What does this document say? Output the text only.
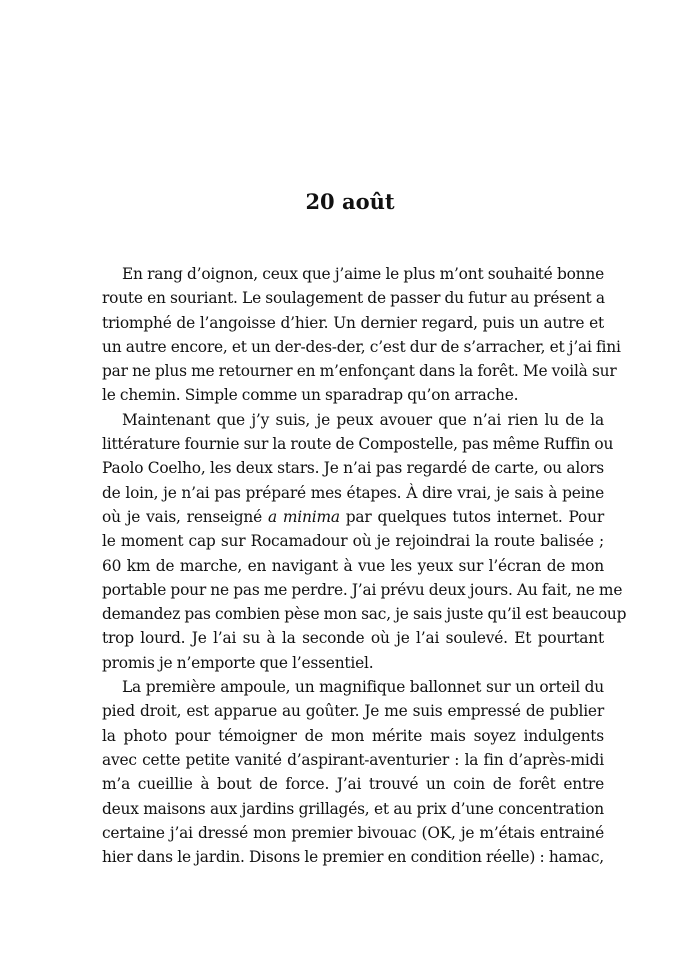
20 août
En rang d’oignon, ceux que j’aime le plus m’ont souhaité bonne
route en souriant. Le soulagement de passer du futur au présent a
triomphé de l’angoisse d’hier. Un dernier regard, puis un autre et
un autre encore, et un der-des-der, c’est dur de s’arracher, et j’ai fini
par ne plus me retourner en m’enfonçant dans la forêt. Me voilà sur
le chemin. Simple comme un sparadrap qu’on arrache.
Maintenant que j’y suis, je peux avouer que n’ai rien lu de la
littérature fournie sur la route de Compostelle, pas même Ruffin ou
Paolo Coelho, les deux stars. Je n’ai pas regardé de carte, ou alors
de loin, je n’ai pas préparé mes étapes. À dire vrai, je sais à peine
où je vais, renseigné a minima par quelques tutos internet. Pour
le moment cap sur Rocamadour où je rejoindrai la route balisée ;
60 km de marche, en navigant à vue les yeux sur l’écran de mon
portable pour ne pas me perdre. J’ai prévu deux jours. Au fait, ne me
demandez pas combien pèse mon sac, je sais juste qu’il est beaucoup
trop lourd. Je l’ai su à la seconde où je l’ai soulevé. Et pourtant
promis je n’emporte que l’essentiel.
La première ampoule, un magnifique ballonnet sur un orteil du
pied droit, est apparue au goûter. Je me suis empressé de publier
la photo pour témoigner de mon mérite mais soyez indulgents
avec cette petite vanité d’aspirant-aventurier : la fin d’après-midi
m’a cueillie à bout de force. J’ai trouvé un coin de forêt entre
deux maisons aux jardins grillagés, et au prix d’une concentration
certaine j’ai dressé mon premier bivouac (OK, je m’étais entrainé
hier dans le jardin. Disons le premier en condition réelle) : hamac,
